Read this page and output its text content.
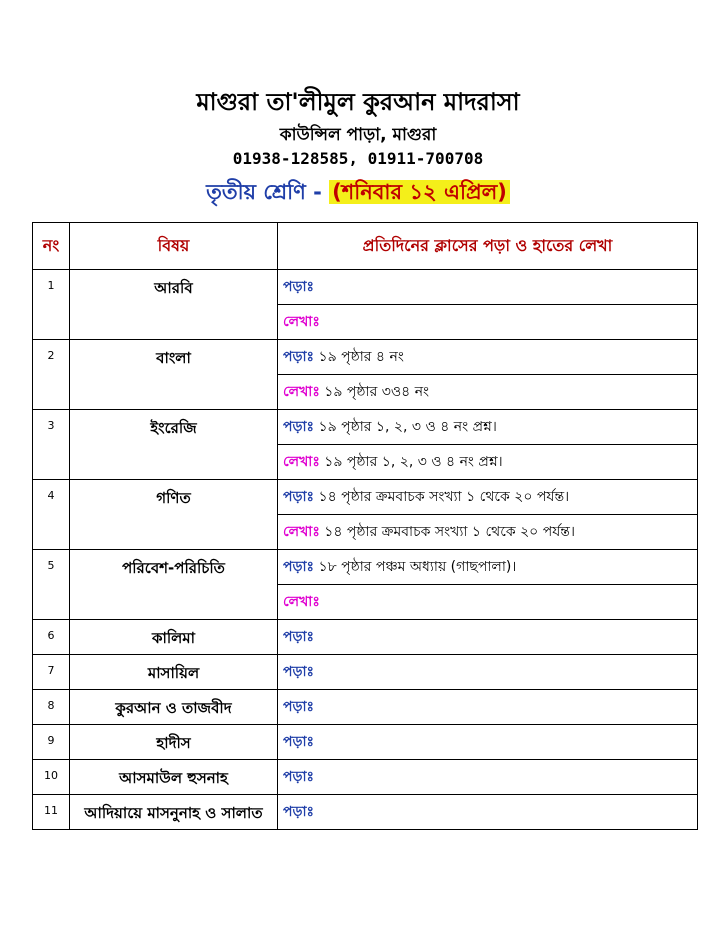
মাগুরা তা'লীমুল কুরআন মাদরাসা
কাউন্সিল পাড়া, মাগুরা
01938-128585, 01911-700708
তৃতীয় শ্রেণি - (শনিবার ১২ এপ্রিল)
নং	বিষয়	প্রতিদিনের ক্লাসের পড়া ও হাতের লেখা
1	আরবি	পড়াঃ
		লেখাঃ
2	বাংলা	পড়াঃ ১৯ পৃষ্ঠার ৪ নং
		লেখাঃ ১৯ পৃষ্ঠার ৩ও৪ নং
3	ইংরেজি	পড়াঃ ১৯ পৃষ্ঠার ১, ২, ৩ ও ৪ নং প্রশ্ন।
		লেখাঃ ১৯ পৃষ্ঠার ১, ২, ৩ ও ৪ নং প্রশ্ন।
4	গণিত	পড়াঃ ১৪ পৃষ্ঠার ক্রমবাচক সংখ্যা ১ থেকে ২০ পর্যন্ত।
		লেখাঃ ১৪ পৃষ্ঠার ক্রমবাচক সংখ্যা ১ থেকে ২০ পর্যন্ত।
5	পরিবেশ-পরিচিতি	পড়াঃ ১৮ পৃষ্ঠার পঞ্চম অধ্যায় (গাছপালা)।
		লেখাঃ
6	কালিমা	পড়াঃ
7	মাসায়িল	পড়াঃ
8	কুরআন ও তাজবীদ	পড়াঃ
9	হাদীস	পড়াঃ
10	আসমাউল হুসনাহ	পড়াঃ
11	আদিয়ায়ে মাসনুনাহ ও সালাত	পড়াঃ
